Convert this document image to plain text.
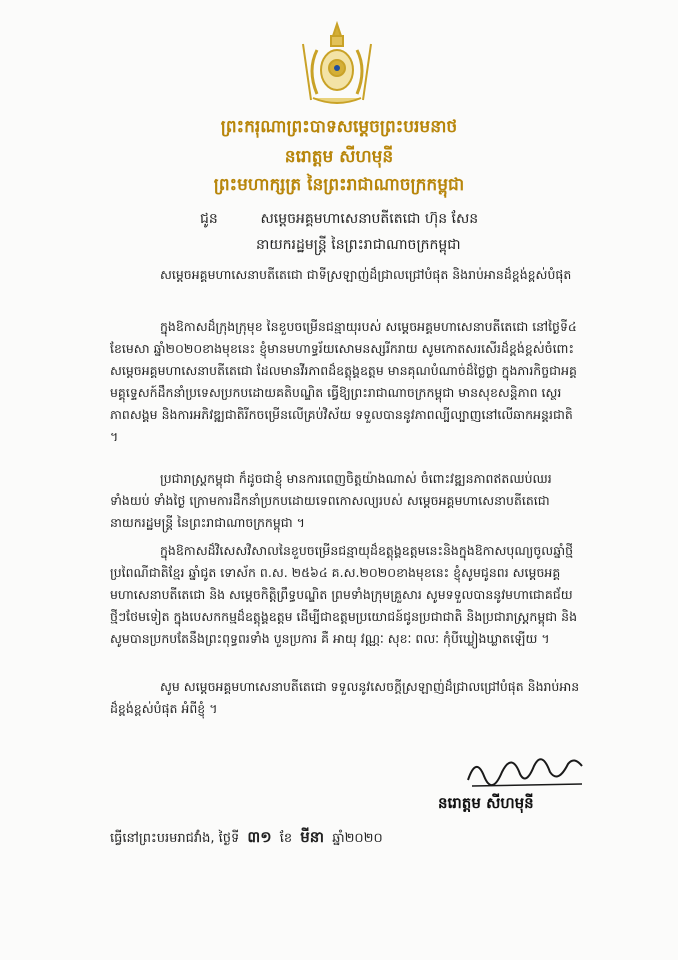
ព្រះករុណាព្រះបាទសម្តេចព្រះបរមនាថ
នរោត្តម សីហមុនី
ព្រះមហាក្សត្រ នៃព្រះរាជាណាចក្រកម្ពុជា
ជូន	សម្តេចអគ្គមហាសេនាបតីតេជោ ហ៊ុន សែន
នាយករដ្ឋមន្ត្រី នៃព្រះរាជាណាចក្រកម្ពុជា
សម្តេចអគ្គមហាសេនាបតីតេជោ ជាទីស្រឡាញ់ដ៏ជ្រាលជ្រៅបំផុត និងរាប់អានដ៏ខ្ពង់ខ្ពស់បំផុត
ក្នុងឱកាសដ៏ក្រុងក្រុមុខ នៃខួបចម្រើនជន្មាយុរបស់ សម្តេចអគ្គមហាសេនាបតីតេជោ នៅថ្ងៃទី៤ ខែមេសា ឆ្នាំ២០២០ខាងមុខនេះ ខ្ញុំមានមហាទ្ធរ័យសោមនស្សរីករាយ សូមកោតសរសើរដ៏ខ្ពង់ខ្ពស់ចំពោះ សម្តេចអគ្គមហាសេនាបតីតេជោ ដែលមានវីរភាពដ៏ឧត្តុង្គឧត្តម មានគុណបំណាច់ដ៏ថ្លៃថ្លា ក្នុងភារកិច្ចជាអគ្គមគ្គុទ្ទេសក៍ដឹកនាំប្រទេសប្រកបដោយគតិបណ្ឌិត ធ្វើឱ្យព្រះរាជាណាចក្រកម្ពុជា មានសុខសន្តិភាព ស្ថេរភាពសង្គម និងការអភិវឌ្ឍជាតិរីកចម្រើនលើគ្រប់វិស័យ ទទួលបាននូវភាពល្បីល្បាញនៅលើឆាកអន្តរជាតិ ។
ប្រជារាស្ត្រកម្ពុជា ក៏ដូចជាខ្ញុំ មានការពេញចិត្តយ៉ាងណាស់ ចំពោះវឌ្ឍនភាពឥតឈប់ឈរទាំងយប់ ទាំងថ្ងៃ ក្រោមការដឹកនាំប្រកបដោយទេពកោសល្យរបស់ សម្តេចអគ្គមហាសេនាបតីតេជោ នាយករដ្ឋមន្ត្រី នៃព្រះរាជាណាចក្រកម្ពុជា ។
ក្នុងឱកាសដ៏វិសេសវិសាលនៃខួបចម្រើនជន្មាយុដ៏ឧត្តុង្គឧត្តមនេះនិងក្នុងឱកាសបុណ្យចូលឆ្នាំថ្មីប្រពៃណីជាតិខ្មែរ ឆ្នាំជូត ទោស័ក ព.ស. ២៥៦៤ គ.ស.២០២០ខាងមុខនេះ ខ្ញុំសូមជូនពរ សម្តេចអគ្គមហាសេនាបតីតេជោ និង សម្តេចកិត្តិព្រឹទ្ធបណ្ឌិត ព្រមទាំងក្រុមគ្រួសារ សូមទទួលបាននូវមហាជោគជ័យថ្មីៗថែមទៀត ក្នុងបេសកកម្មដ៏ឧត្តុង្គឧត្តម ដើម្បីជាឧត្តមប្រយោជន៍ជូនប្រជាជាតិ និងប្រជារាស្ត្រកម្ពុជា និងសូមបានប្រកបតែនឹងព្រះពុទ្ធពរទាំង បួនប្រការ គឺ អាយុ វណ្ណៈ សុខៈ ពលៈ កុំបីឃ្លៀងឃ្លាតឡើយ ។
សូម សម្តេចអគ្គមហាសេនាបតីតេជោ ទទួលនូវសេចក្តីស្រឡាញ់ដ៏ជ្រាលជ្រៅបំផុត និងរាប់អានដ៏ខ្ពង់ខ្ពស់បំផុត អំពីខ្ញុំ ។
នរោត្តម សីហមុនី
ធ្វើនៅព្រះបរមរាជវាំង, ថ្ងៃទី ៣១ ខែ មីនា ឆ្នាំ២០២០
